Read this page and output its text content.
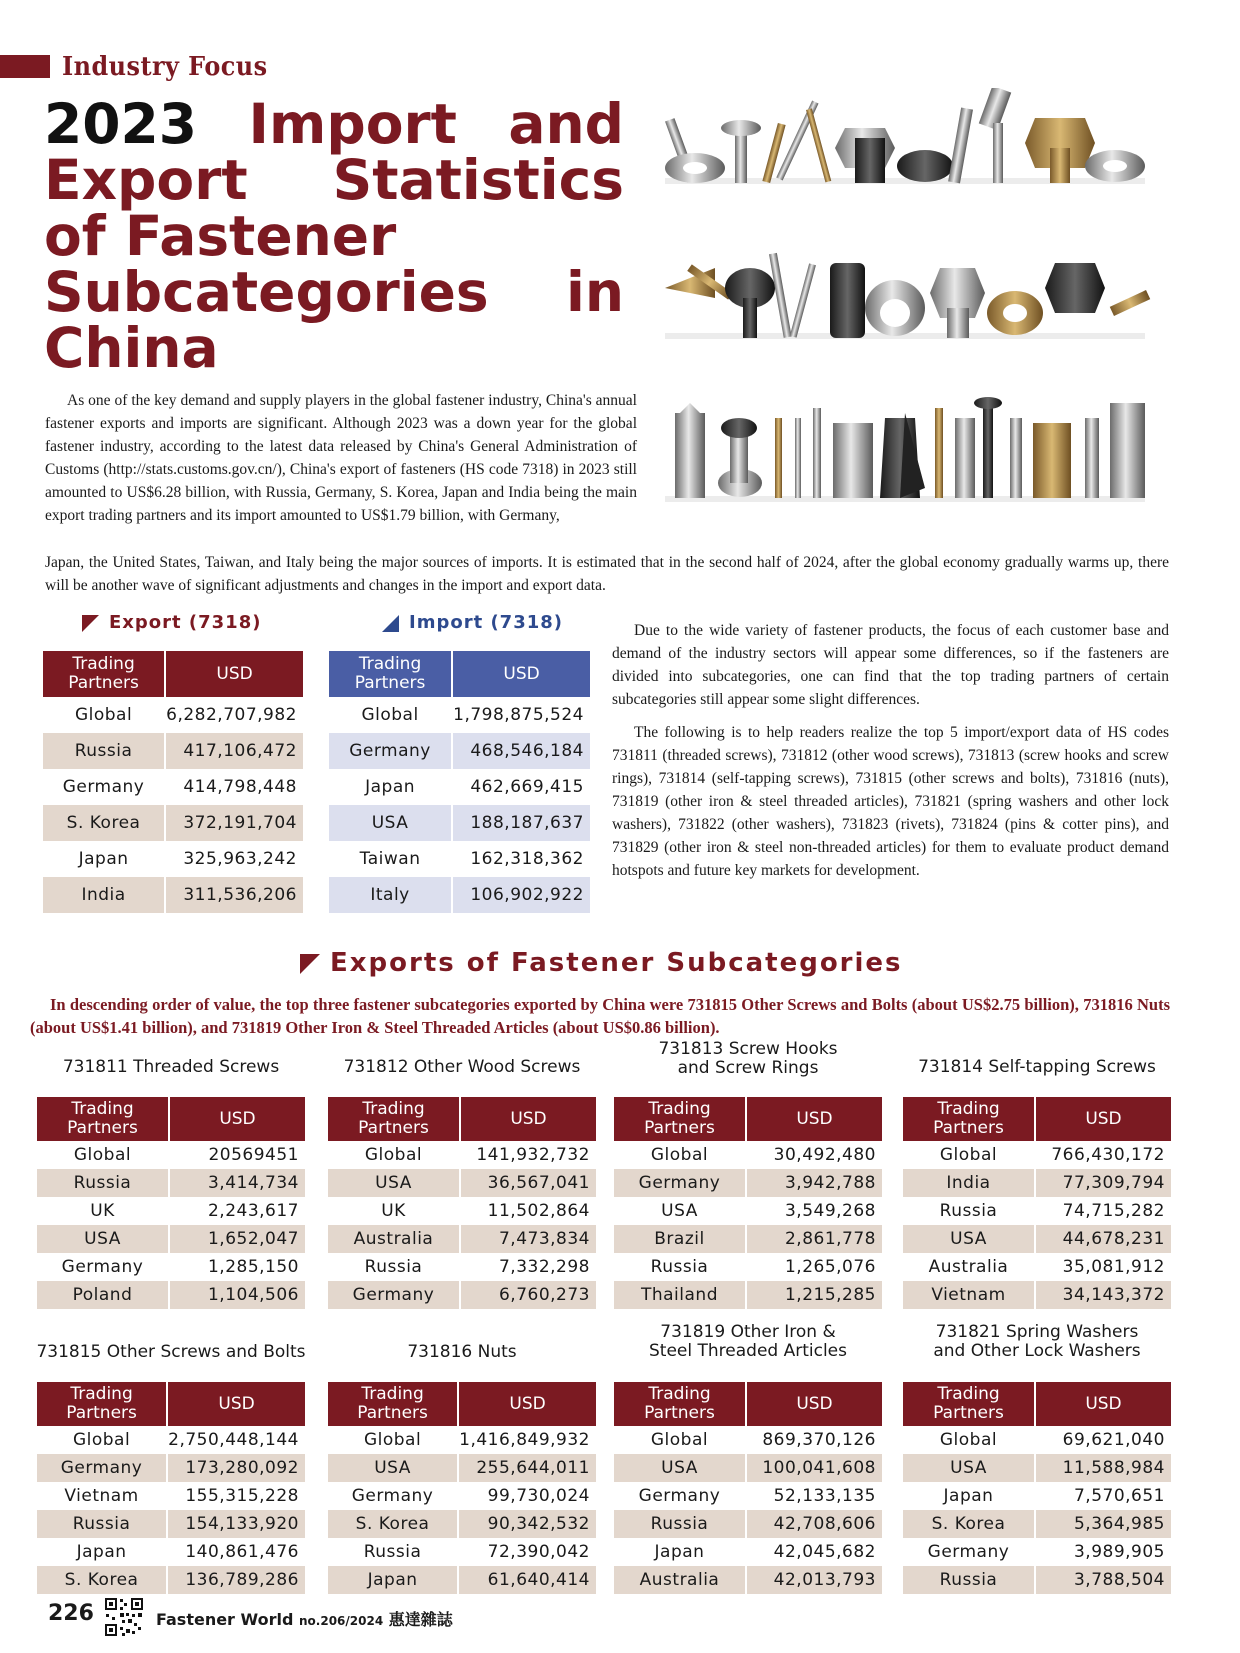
Industry Focus
2023 Import and
Export Statistics
of Fastener
Subcategories in
China
As one of the key demand and supply players in the global fastener industry, China's annual fastener exports and imports are significant. Although 2023 was a down year for the global fastener industry, according to the latest data released by China's General Administration of Customs (http://stats.customs.gov.cn/), China's export of fasteners (HS code 7318) in 2023 still amounted to US$6.28 billion, with Russia, Germany, S. Korea, Japan and India being the main export trading partners and its import amounted to US$1.79 billion, with Germany,
Japan, the United States, Taiwan, and Italy being the major sources of imports. It is estimated that in the second half of 2024, after the global economy gradually warms up, there will be another wave of significant adjustments and changes in the import and export data.
Export (7318)	Import (7318)
Trading Partners	USD
Global	6,282,707,982
Russia	417,106,472
Germany	414,798,448
S. Korea	372,191,704
Japan	325,963,242
India	311,536,206
Trading Partners	USD
Global	1,798,875,524
Germany	468,546,184
Japan	462,669,415
USA	188,187,637
Taiwan	162,318,362
Italy	106,902,922

Due to the wide variety of fastener products, the focus of each customer base and demand of the industry sectors will appear some differences, so if the fasteners are divided into subcategories, one can find that the top trading partners of certain subcategories still appear some slight differences.

The following is to help readers realize the top 5 import/export data of HS codes 731811 (threaded screws), 731812 (other wood screws), 731813 (screw hooks and screw rings), 731814 (self-tapping screws), 731815 (other screws and bolts), 731816 (nuts), 731819 (other iron & steel threaded articles), 731821 (spring washers and other lock washers), 731822 (other washers), 731823 (rivets), 731824 (pins & cotter pins), and 731829 (other iron & steel non-threaded articles) for them to evaluate product demand hotspots and future key markets for development.

Exports of Fastener Subcategories
In descending order of value, the top three fastener subcategories exported by China were 731815 Other Screws and Bolts (about US$2.75 billion), 731816 Nuts (about US$1.41 billion), and 731819 Other Iron & Steel Threaded Articles (about US$0.86 billion).
731811 Threaded Screws
Trading Partners	USD
Global	20569451
Russia	3,414,734
UK	2,243,617
USA	1,652,047
Germany	1,285,150
Poland	1,104,506
731812 Other Wood Screws
Trading Partners	USD
Global	141,932,732
USA	36,567,041
UK	11,502,864
Australia	7,473,834
Russia	7,332,298
Germany	6,760,273
731813 Screw Hooks and Screw Rings
Trading Partners	USD
Global	30,492,480
Germany	3,942,788
USA	3,549,268
Brazil	2,861,778
Russia	1,265,076
Thailand	1,215,285
731814 Self-tapping Screws
Trading Partners	USD
Global	766,430,172
India	77,309,794
Russia	74,715,282
USA	44,678,231
Australia	35,081,912
Vietnam	34,143,372
731815 Other Screws and Bolts
Trading Partners	USD
Global	2,750,448,144
Germany	173,280,092
Vietnam	155,315,228
Russia	154,133,920
Japan	140,861,476
S. Korea	136,789,286
731816 Nuts
Trading Partners	USD
Global	1,416,849,932
USA	255,644,011
Germany	99,730,024
S. Korea	90,342,532
Russia	72,390,042
Japan	61,640,414
731819 Other Iron & Steel Threaded Articles
Trading Partners	USD
Global	869,370,126
USA	100,041,608
Germany	52,133,135
Russia	42,708,606
Japan	42,045,682
Australia	42,013,793
731821 Spring Washers and Other Lock Washers
Trading Partners	USD
Global	69,621,040
USA	11,588,984
Japan	7,570,651
S. Korea	5,364,985
Germany	3,989,905
Russia	3,788,504
226	Fastener World no.206/2024 惠達雜誌
